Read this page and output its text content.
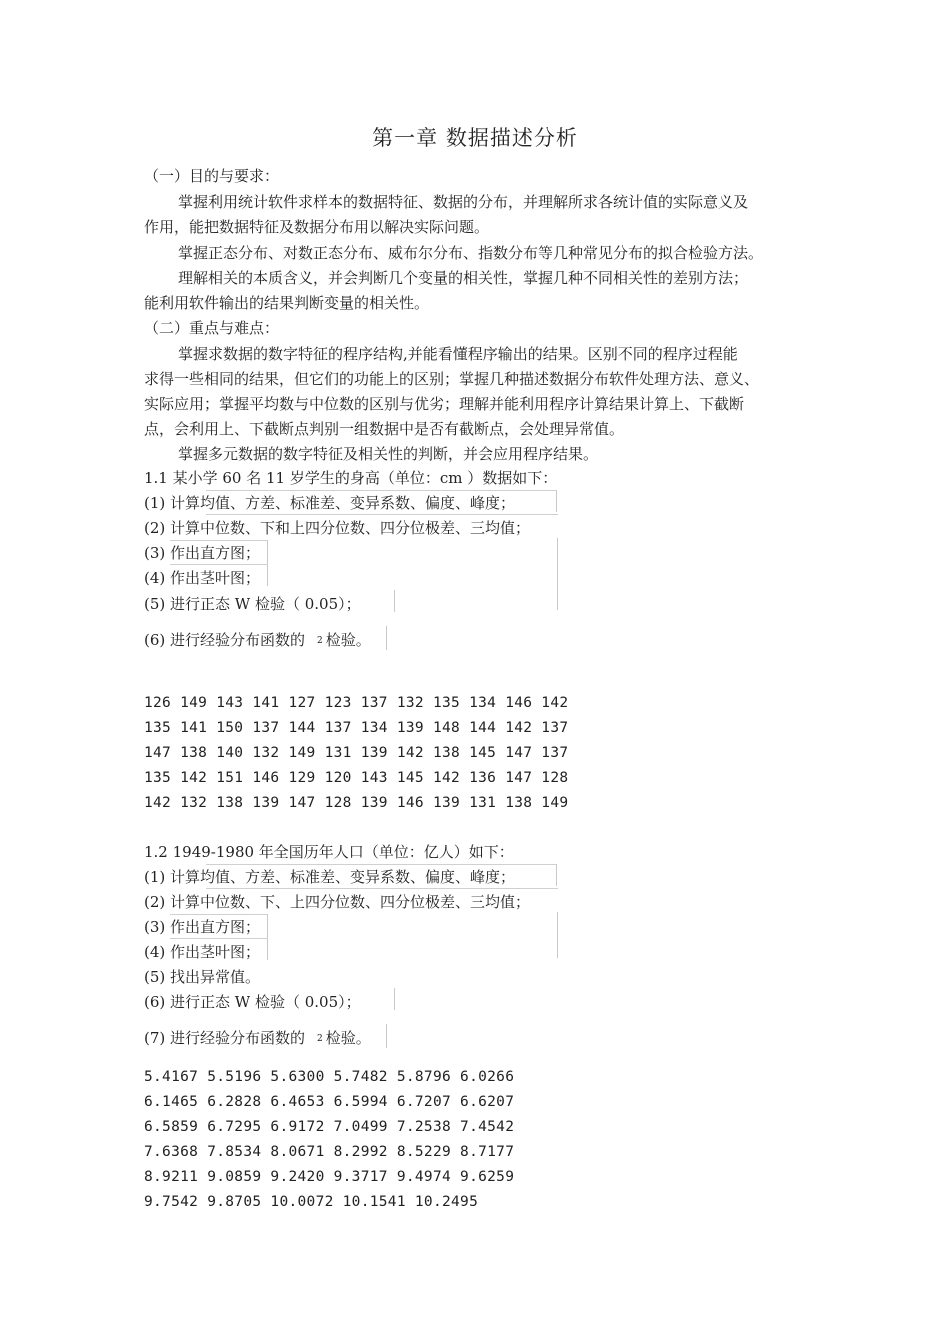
第一章 数据描述分析
（一）目的与要求：
掌握利用统计软件求样本的数据特征、数据的分布，并理解所求各统计值的实际意义及
作用，能把数据特征及数据分布用以解决实际问题。
掌握正态分布、对数正态分布、威布尔分布、指数分布等几种常见分布的拟合检验方法。
理解相关的本质含义，并会判断几个变量的相关性，掌握几种不同相关性的差别方法；
能利用软件输出的结果判断变量的相关性。
（二）重点与难点：
掌握求数据的数字特征的程序结构,并能看懂程序输出的结果。区别不同的程序过程能
求得一些相同的结果，但它们的功能上的区别；掌握几种描述数据分布软件处理方法、意义、
实际应用；掌握平均数与中位数的区别与优劣；理解并能利用程序计算结果计算上、下截断
点，会利用上、下截断点判别一组数据中是否有截断点，会处理异常值。
掌握多元数据的数字特征及相关性的判断，并会应用程序结果。
1.1 某小学 60 名 11 岁学生的身高（单位：cm ）数据如下：
(1) 计算均值、方差、标准差、变异系数、偏度、峰度；
(2) 计算中位数、下和上四分位数、四分位极差、三均值；
(3) 作出直方图；
(4) 作出茎叶图；
(5) 进行正态 W 检验（ 0.05）；
(6) 进行经验分布函数的 $^2$ 检验。
126 149 143 141 127 123 137 132 135 134 146 142
135 141 150 137 144 137 134 139 148 144 142 137
147 138 140 132 149 131 139 142 138 145 147 137
135 142 151 146 129 120 143 145 142 136 147 128
142 132 138 139 147 128 139 146 139 131 138 149
1.2 1949-1980 年全国历年人口（单位：亿人）如下：
(1) 计算均值、方差、标准差、变异系数、偏度、峰度；
(2) 计算中位数、下、上四分位数、四分位极差、三均值；
(3) 作出直方图；
(4) 作出茎叶图；
(5) 找出异常值。
(6) 进行正态 W 检验（ 0.05）；
(7) 进行经验分布函数的 $^2$ 检验。
5.4167 5.5196 5.6300 5.7482 5.8796 6.0266
6.1465 6.2828 6.4653 6.5994 6.7207 6.6207
6.5859 6.7295 6.9172 7.0499 7.2538 7.4542
7.6368 7.8534 8.0671 8.2992 8.5229 8.7177
8.9211 9.0859 9.2420 9.3717 9.4974 9.6259
9.7542 9.8705 10.0072 10.1541 10.2495
